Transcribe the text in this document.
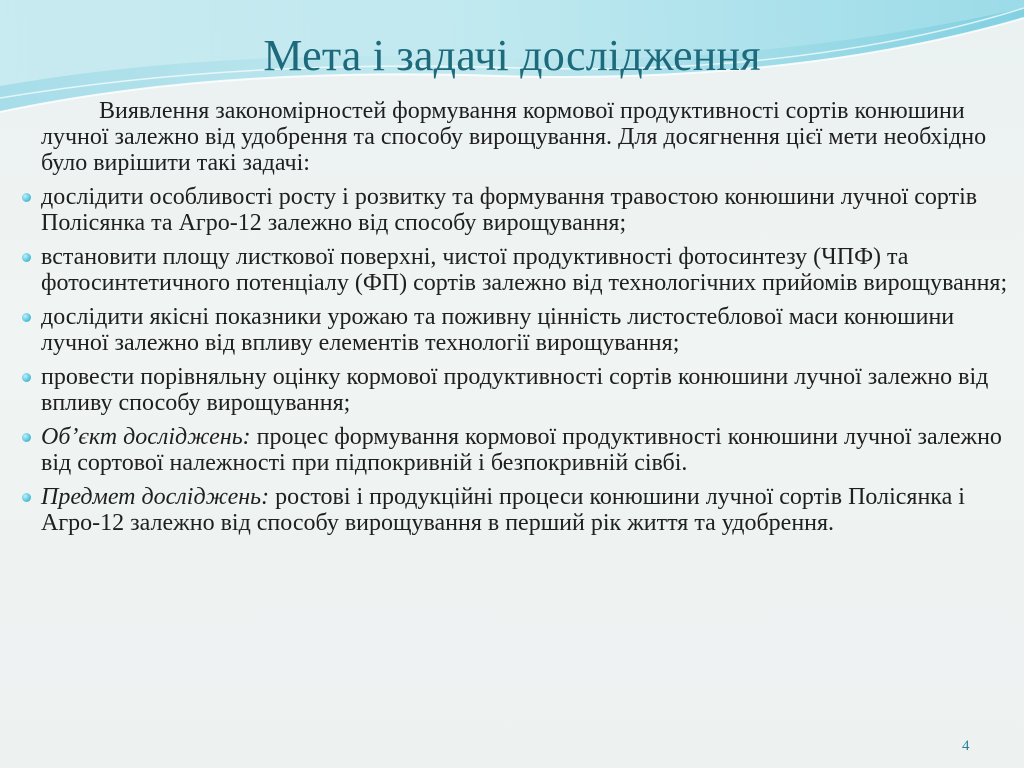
Мета і задачі дослідження

Виявлення закономірностей формування кормової продуктивності сортів конюшини лучної залежно від удобрення та способу вирощування. Для досягнення цієї мети необхідно було вирішити такі задачі:

дослідити особливості росту і розвитку та формування травостою конюшини лучної сортів Полісянка та Агро-12 залежно від способу вирощування;
встановити площу листкової поверхні, чистої продуктивності фотосинтезу (ЧПФ) та фотосинтетичного потенціалу (ФП) сортів залежно від технологічних прийомів вирощування;
дослідити якісні показники урожаю та поживну цінність листостеблової маси конюшини лучної залежно від впливу елементів технології вирощування;
провести порівняльну оцінку кормової продуктивності сортів конюшини лучної залежно від впливу способу вирощування;
Об’єкт досліджень: процес формування кормової продуктивності конюшини лучної залежно від сортової належності при підпокривній і безпокривній сівбі.
Предмет досліджень: ростові і продукційні процеси конюшини лучної сортів Полісянка і Агро-12 залежно від способу вирощування в перший рік життя та удобрення.
4
